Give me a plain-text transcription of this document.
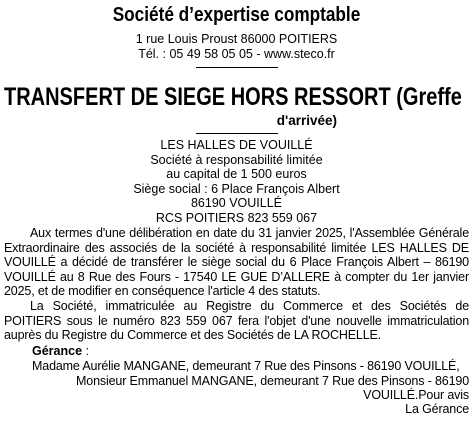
Société d’expertise comptable
1 rue Louis Proust 86000 POITIERS
Tél. : 05 49 58 05 05 - www.steco.fr
TRANSFERT DE SIEGE HORS RESSORT (Greffe
d'arrivée)
LES HALLES DE VOUILLÉ
Société à responsabilité limitée
au capital de 1 500 euros
Siège social : 6 Place François Albert
86190 VOUILLÉ
RCS POITIERS 823 559 067

Aux termes d'une délibération en date du 31 janvier 2025, l'Assemblée Générale Extraordinaire des associés de la société à responsabilité limitée LES HALLES DE VOUILLÉ a décidé de transférer le siège social du 6 Place François Albert – 86190 VOUILLÉ au 8 Rue des Fours - 17540 LE GUE D’ALLERE à compter du 1er janvier 2025, et de modifier en conséquence l'article 4 des statuts.

La Société, immatriculée au Registre du Commerce et des Sociétés de POITIERS sous le numéro 823 559 067 fera l'objet d'une nouvelle immatriculation auprès du Registre du Commerce et des Sociétés de LA ROCHELLE.

Gérance :
Madame Aurélie MANGANE, demeurant 7 Rue des Pinsons - 86190 VOUILLÉ,
Monsieur Emmanuel MANGANE, demeurant 7 Rue des Pinsons - 86190
VOUILLÉ.Pour avis
La Gérance
